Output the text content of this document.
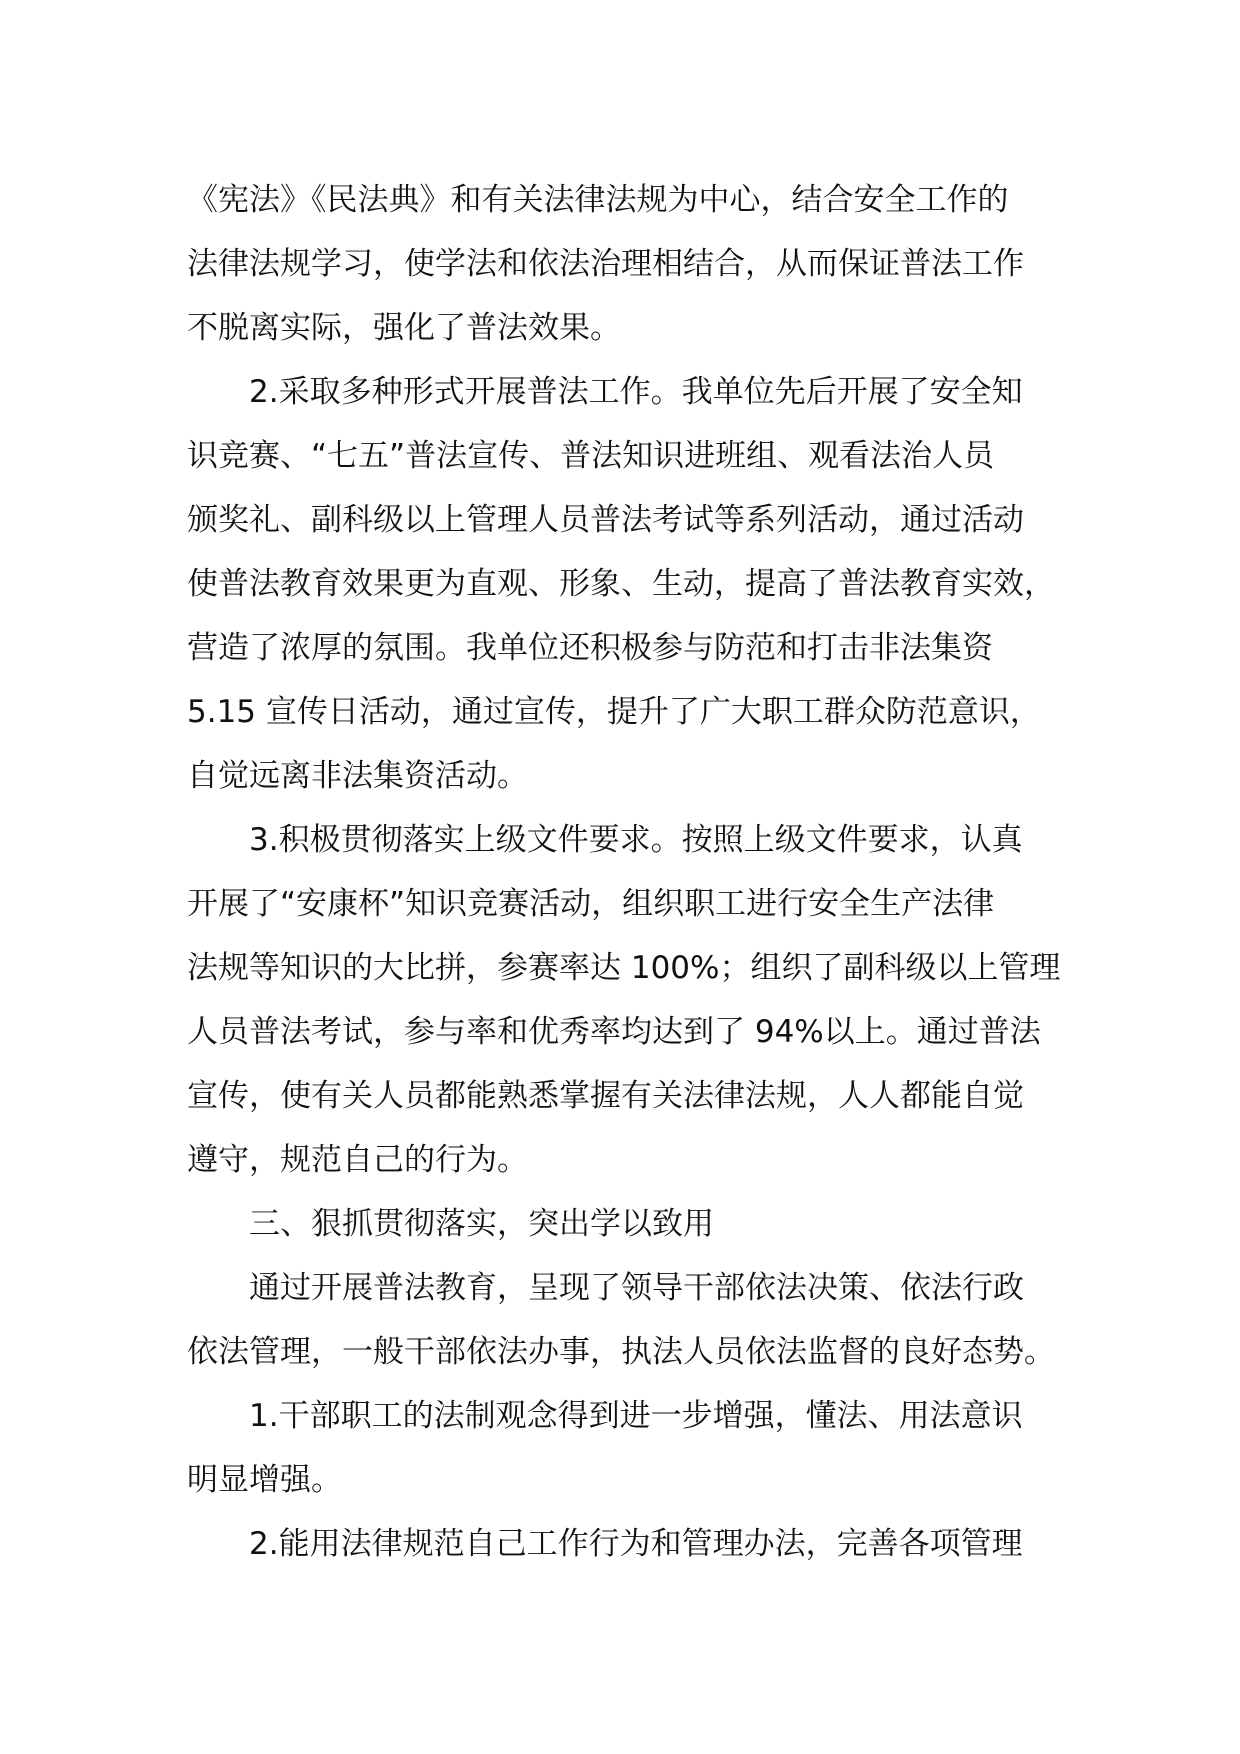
《宪法》《民法典》和有关法律法规为中心，结合安全工作的
法律法规学习，使学法和依法治理相结合，从而保证普法工作
不脱离实际，强化了普法效果。
2.采取多种形式开展普法工作。我单位先后开展了安全知
识竞赛、“七五”普法宣传、普法知识进班组、观看法治人员
颁奖礼、副科级以上管理人员普法考试等系列活动，通过活动
使普法教育效果更为直观、形象、生动，提高了普法教育实效，
营造了浓厚的氛围。我单位还积极参与防范和打击非法集资
5.15 宣传日活动，通过宣传，提升了广大职工群众防范意识，
自觉远离非法集资活动。
3.积极贯彻落实上级文件要求。按照上级文件要求，认真
开展了“安康杯”知识竞赛活动，组织职工进行安全生产法律
法规等知识的大比拼，参赛率达 100%；组织了副科级以上管理
人员普法考试，参与率和优秀率均达到了 94%以上。通过普法
宣传，使有关人员都能熟悉掌握有关法律法规，人人都能自觉
遵守，规范自己的行为。
三、狠抓贯彻落实，突出学以致用
通过开展普法教育，呈现了领导干部依法决策、依法行政
依法管理，一般干部依法办事，执法人员依法监督的良好态势。
1.干部职工的法制观念得到进一步增强，懂法、用法意识
明显增强。
2.能用法律规范自己工作行为和管理办法，完善各项管理
